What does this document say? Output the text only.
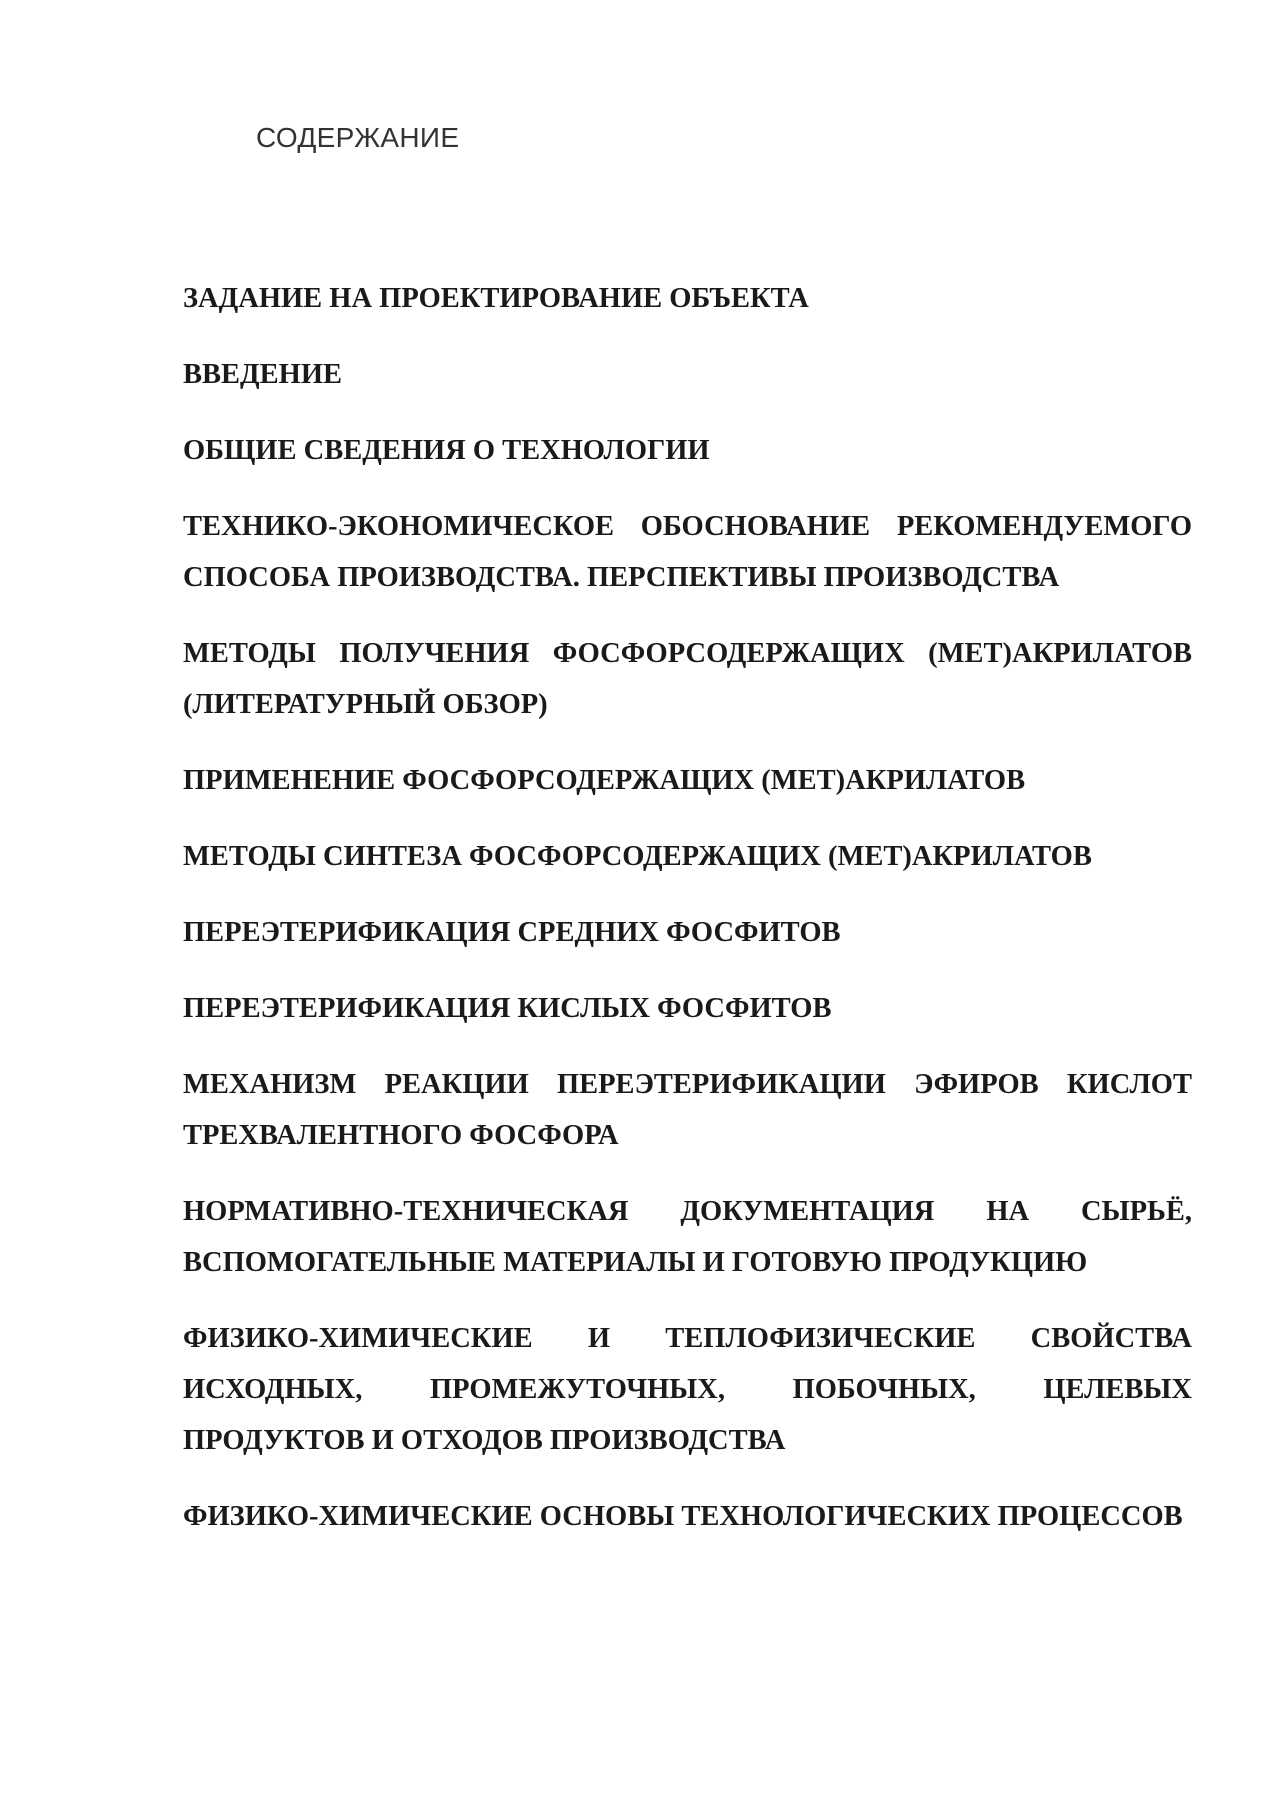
СОДЕРЖАНИЕ
ЗАДАНИЕ НА ПРОЕКТИРОВАНИЕ ОБЪЕКТА
ВВЕДЕНИЕ
ОБЩИЕ СВЕДЕНИЯ О ТЕХНОЛОГИИ
ТЕХНИКО-ЭКОНОМИЧЕСКОЕ ОБОСНОВАНИЕ РЕКОМЕНДУЕМОГО СПОСОБА ПРОИЗВОДСТВА. ПЕРСПЕКТИВЫ ПРОИЗВОДСТВА
МЕТОДЫ ПОЛУЧЕНИЯ ФОСФОРСОДЕРЖАЩИХ (МЕТ)АКРИЛАТОВ (ЛИТЕРАТУРНЫЙ ОБЗОР)
ПРИМЕНЕНИЕ ФОСФОРСОДЕРЖАЩИХ (МЕТ)АКРИЛАТОВ
МЕТОДЫ СИНТЕЗА ФОСФОРСОДЕРЖАЩИХ (МЕТ)АКРИЛАТОВ
ПЕРЕЭТЕРИФИКАЦИЯ СРЕДНИХ ФОСФИТОВ
ПЕРЕЭТЕРИФИКАЦИЯ КИСЛЫХ ФОСФИТОВ
МЕХАНИЗМ РЕАКЦИИ ПЕРЕЭТЕРИФИКАЦИИ ЭФИРОВ КИСЛОТ ТРЕХВАЛЕНТНОГО ФОСФОРА
НОРМАТИВНО-ТЕХНИЧЕСКАЯ ДОКУМЕНТАЦИЯ НА СЫРЬЁ, ВСПОМОГАТЕЛЬНЫЕ МАТЕРИАЛЫ И ГОТОВУЮ ПРОДУКЦИЮ
ФИЗИКО-ХИМИЧЕСКИЕ И ТЕПЛОФИЗИЧЕСКИЕ СВОЙСТВА ИСХОДНЫХ, ПРОМЕЖУТОЧНЫХ, ПОБОЧНЫХ, ЦЕЛЕВЫХ ПРОДУКТОВ И ОТХОДОВ ПРОИЗВОДСТВА
ФИЗИКО-ХИМИЧЕСКИЕ ОСНОВЫ ТЕХНОЛОГИЧЕСКИХ ПРОЦЕССОВ
